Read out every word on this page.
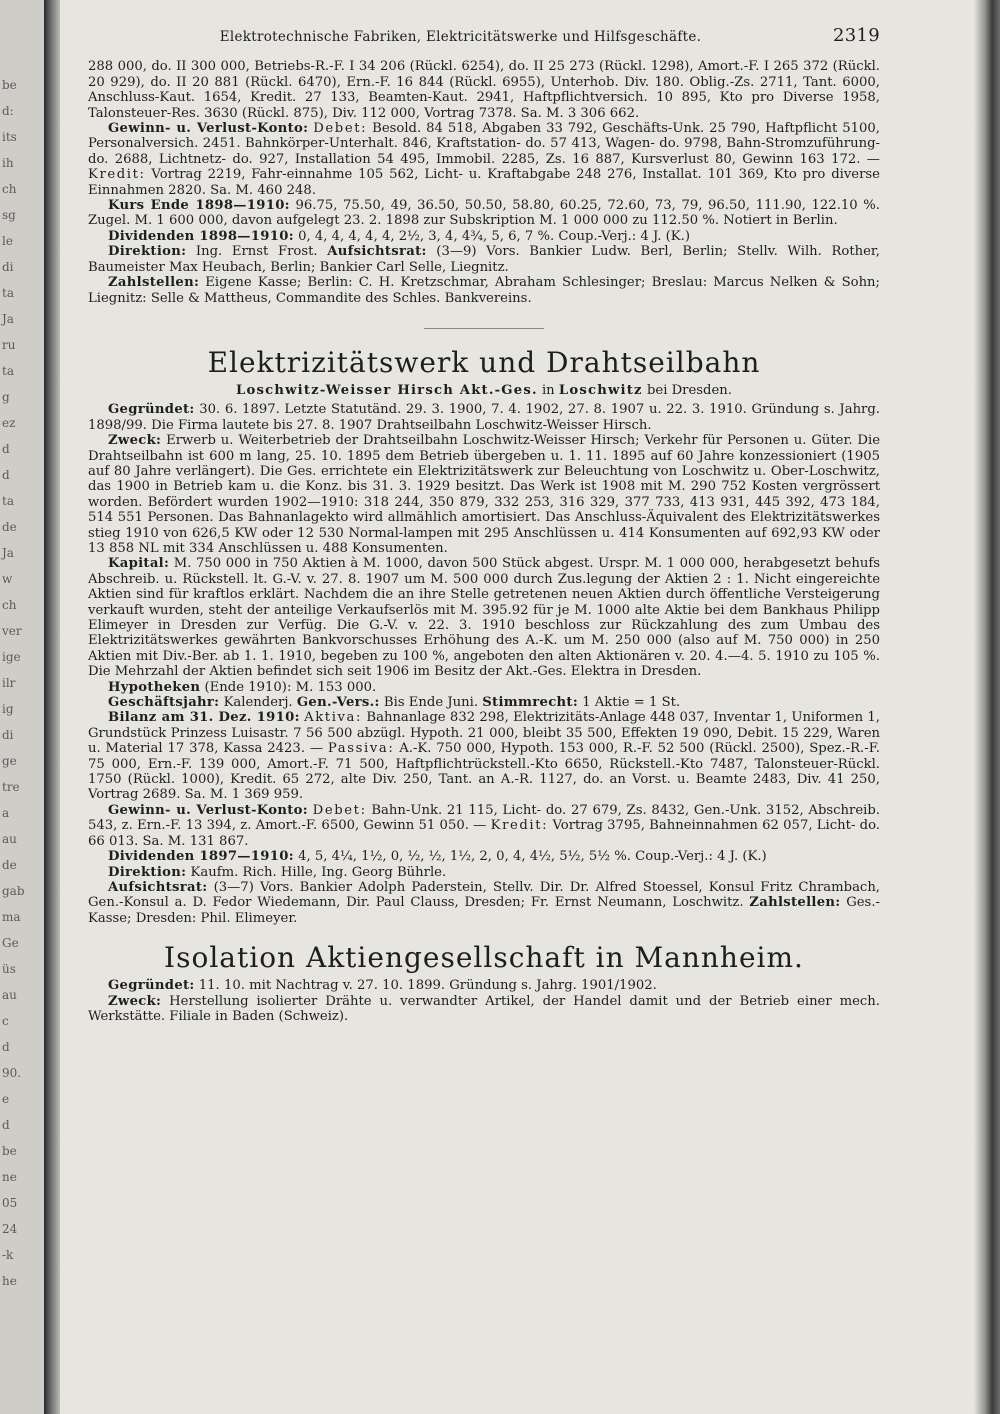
be
d:
its
ih
ch
sg
le
di
ta
Ja
ru
ta
g
ez
d
d
ta
de
Ja
w
ch
ver
ige
ilr
ig
di
ge
tre
a
au
de
gab
ma
Ge
üs
au
c
d
90.
e
d
be
ne
05
24
-k
he
Elektrotechnische Fabriken, Elektricitätswerke und Hilfsgeschäfte.	2319

288 000, do. II 300 000, Betriebs-R.-F. I 34 206 (Rückl. 6254), do. II 25 273 (Rückl. 1298), Amort.-F. I 265 372 (Rückl. 20 929), do. II 20 881 (Rückl. 6470), Ern.-F. 16 844 (Rückl. 6955), Unterhob. Div. 180. Oblig.-Zs. 2711, Tant. 6000, Anschluss-Kaut. 1654, Kredit. 27 133, Beamten-Kaut. 2941, Haftpflichtversich. 10 895, Kto pro Diverse 1958, Talonsteuer-Res. 3630 (Rückl. 875), Div. 112 000, Vortrag 7378. Sa. M. 3 306 662.

Gewinn- u. Verlust-Konto: Debet: Besold. 84 518, Abgaben 33 792, Geschäfts-Unk. 25 790, Haftpflicht 5100, Personalversich. 2451. Bahnkörper-Unterhalt. 846, Kraftstation- do. 57 413, Wagen- do. 9798, Bahn-Stromzuführung- do. 2688, Lichtnetz- do. 927, Installation 54 495, Immobil. 2285, Zs. 16 887, Kursverlust 80, Gewinn 163 172. — Kredit: Vortrag 2219, Fahr-einnahme 105 562, Licht- u. Kraftabgabe 248 276, Installat. 101 369, Kto pro diverse Einnahmen 2820. Sa. M. 460 248.

Kurs Ende 1898—1910: 96.75, 75.50, 49, 36.50, 50.50, 58.80, 60.25, 72.60, 73, 79, 96.50, 111.90, 122.10 %. Zugel. M. 1 600 000, davon aufgelegt 23. 2. 1898 zur Subskription M. 1 000 000 zu 112.50 %. Notiert in Berlin.

Dividenden 1898—1910: 0, 4, 4, 4, 4, 4, 2½, 3, 4, 4¾, 5, 6, 7 %. Coup.-Verj.: 4 J. (K.)

Direktion: Ing. Ernst Frost. Aufsichtsrat: (3—9) Vors. Bankier Ludw. Berl, Berlin; Stellv. Wilh. Rother, Baumeister Max Heubach, Berlin; Bankier Carl Selle, Liegnitz.

Zahlstellen: Eigene Kasse; Berlin: C. H. Kretzschmar, Abraham Schlesinger; Breslau: Marcus Nelken & Sohn; Liegnitz: Selle & Mattheus, Commandite des Schles. Bankvereins.

Elektrizitätswerk und Drahtseilbahn

Loschwitz-Weisser Hirsch Akt.-Ges. in Loschwitz bei Dresden.

Gegründet: 30. 6. 1897. Letzte Statutänd. 29. 3. 1900, 7. 4. 1902, 27. 8. 1907 u. 22. 3. 1910. Gründung s. Jahrg. 1898/99. Die Firma lautete bis 27. 8. 1907 Drahtseilbahn Loschwitz-Weisser Hirsch.

Zweck: Erwerb u. Weiterbetrieb der Drahtseilbahn Loschwitz-Weisser Hirsch; Verkehr für Personen u. Güter. Die Drahtseilbahn ist 600 m lang, 25. 10. 1895 dem Betrieb übergeben u. 1. 11. 1895 auf 60 Jahre konzessioniert (1905 auf 80 Jahre verlängert). Die Ges. errichtete ein Elektrizitätswerk zur Beleuchtung von Loschwitz u. Ober-Loschwitz, das 1900 in Betrieb kam u. die Konz. bis 31. 3. 1929 besitzt. Das Werk ist 1908 mit M. 290 752 Kosten vergrössert worden. Befördert wurden 1902—1910: 318 244, 350 879, 332 253, 316 329, 377 733, 413 931, 445 392, 473 184, 514 551 Personen. Das Bahnanlagekto wird allmählich amortisiert. Das Anschluss-Äquivalent des Elektrizitätswerkes stieg 1910 von 626,5 KW oder 12 530 Normal-lampen mit 295 Anschlüssen u. 414 Konsumenten auf 692,93 KW oder 13 858 NL mit 334 Anschlüssen u. 488 Konsumenten.

Kapital: M. 750 000 in 750 Aktien à M. 1000, davon 500 Stück abgest. Urspr. M. 1 000 000, herabgesetzt behufs Abschreib. u. Rückstell. lt. G.-V. v. 27. 8. 1907 um M. 500 000 durch Zus.legung der Aktien 2 : 1. Nicht eingereichte Aktien sind für kraftlos erklärt. Nachdem die an ihre Stelle getretenen neuen Aktien durch öffentliche Versteigerung verkauft wurden, steht der anteilige Verkaufserlös mit M. 395.92 für je M. 1000 alte Aktie bei dem Bankhaus Philipp Elimeyer in Dresden zur Verfüg. Die G.-V. v. 22. 3. 1910 beschloss zur Rückzahlung des zum Umbau des Elektrizitätswerkes gewährten Bankvorschusses Erhöhung des A.-K. um M. 250 000 (also auf M. 750 000) in 250 Aktien mit Div.-Ber. ab 1. 1. 1910, begeben zu 100 %, angeboten den alten Aktionären v. 20. 4.—4. 5. 1910 zu 105 %. Die Mehrzahl der Aktien befindet sich seit 1906 im Besitz der Akt.-Ges. Elektra in Dresden.

Hypotheken (Ende 1910): M. 153 000.

Geschäftsjahr: Kalenderj. Gen.-Vers.: Bis Ende Juni. Stimmrecht: 1 Aktie = 1 St.

Bilanz am 31. Dez. 1910: Aktiva: Bahnanlage 832 298, Elektrizitäts-Anlage 448 037, Inventar 1, Uniformen 1, Grundstück Prinzess Luisastr. 7 56 500 abzügl. Hypoth. 21 000, bleibt 35 500, Effekten 19 090, Debit. 15 229, Waren u. Material 17 378, Kassa 2423. — Passiva: A.-K. 750 000, Hypoth. 153 000, R.-F. 52 500 (Rückl. 2500), Spez.-R.-F. 75 000, Ern.-F. 139 000, Amort.-F. 71 500, Haftpflichtrückstell.-Kto 6650, Rückstell.-Kto 7487, Talonsteuer-Rückl. 1750 (Rückl. 1000), Kredit. 65 272, alte Div. 250, Tant. an A.-R. 1127, do. an Vorst. u. Beamte 2483, Div. 41 250, Vortrag 2689. Sa. M. 1 369 959.

Gewinn- u. Verlust-Konto: Debet: Bahn-Unk. 21 115, Licht- do. 27 679, Zs. 8432, Gen.-Unk. 3152, Abschreib. 543, z. Ern.-F. 13 394, z. Amort.-F. 6500, Gewinn 51 050. — Kredit: Vortrag 3795, Bahneinnahmen 62 057, Licht- do. 66 013. Sa. M. 131 867.

Dividenden 1897—1910: 4, 5, 4¼, 1½, 0, ½, ½, 1½, 2, 0, 4, 4½, 5½, 5½ %. Coup.-Verj.: 4 J. (K.)

Direktion: Kaufm. Rich. Hille, Ing. Georg Bührle.

Aufsichtsrat: (3—7) Vors. Bankier Adolph Paderstein, Stellv. Dir. Dr. Alfred Stoessel, Konsul Fritz Chrambach, Gen.-Konsul a. D. Fedor Wiedemann, Dir. Paul Clauss, Dresden; Fr. Ernst Neumann, Loschwitz. Zahlstellen: Ges.-Kasse; Dresden: Phil. Elimeyer.

Isolation Aktiengesellschaft in Mannheim.

Gegründet: 11. 10. mit Nachtrag v. 27. 10. 1899. Gründung s. Jahrg. 1901/1902.

Zweck: Herstellung isolierter Drähte u. verwandter Artikel, der Handel damit und der Betrieb einer mech. Werkstätte. Filiale in Baden (Schweiz).
